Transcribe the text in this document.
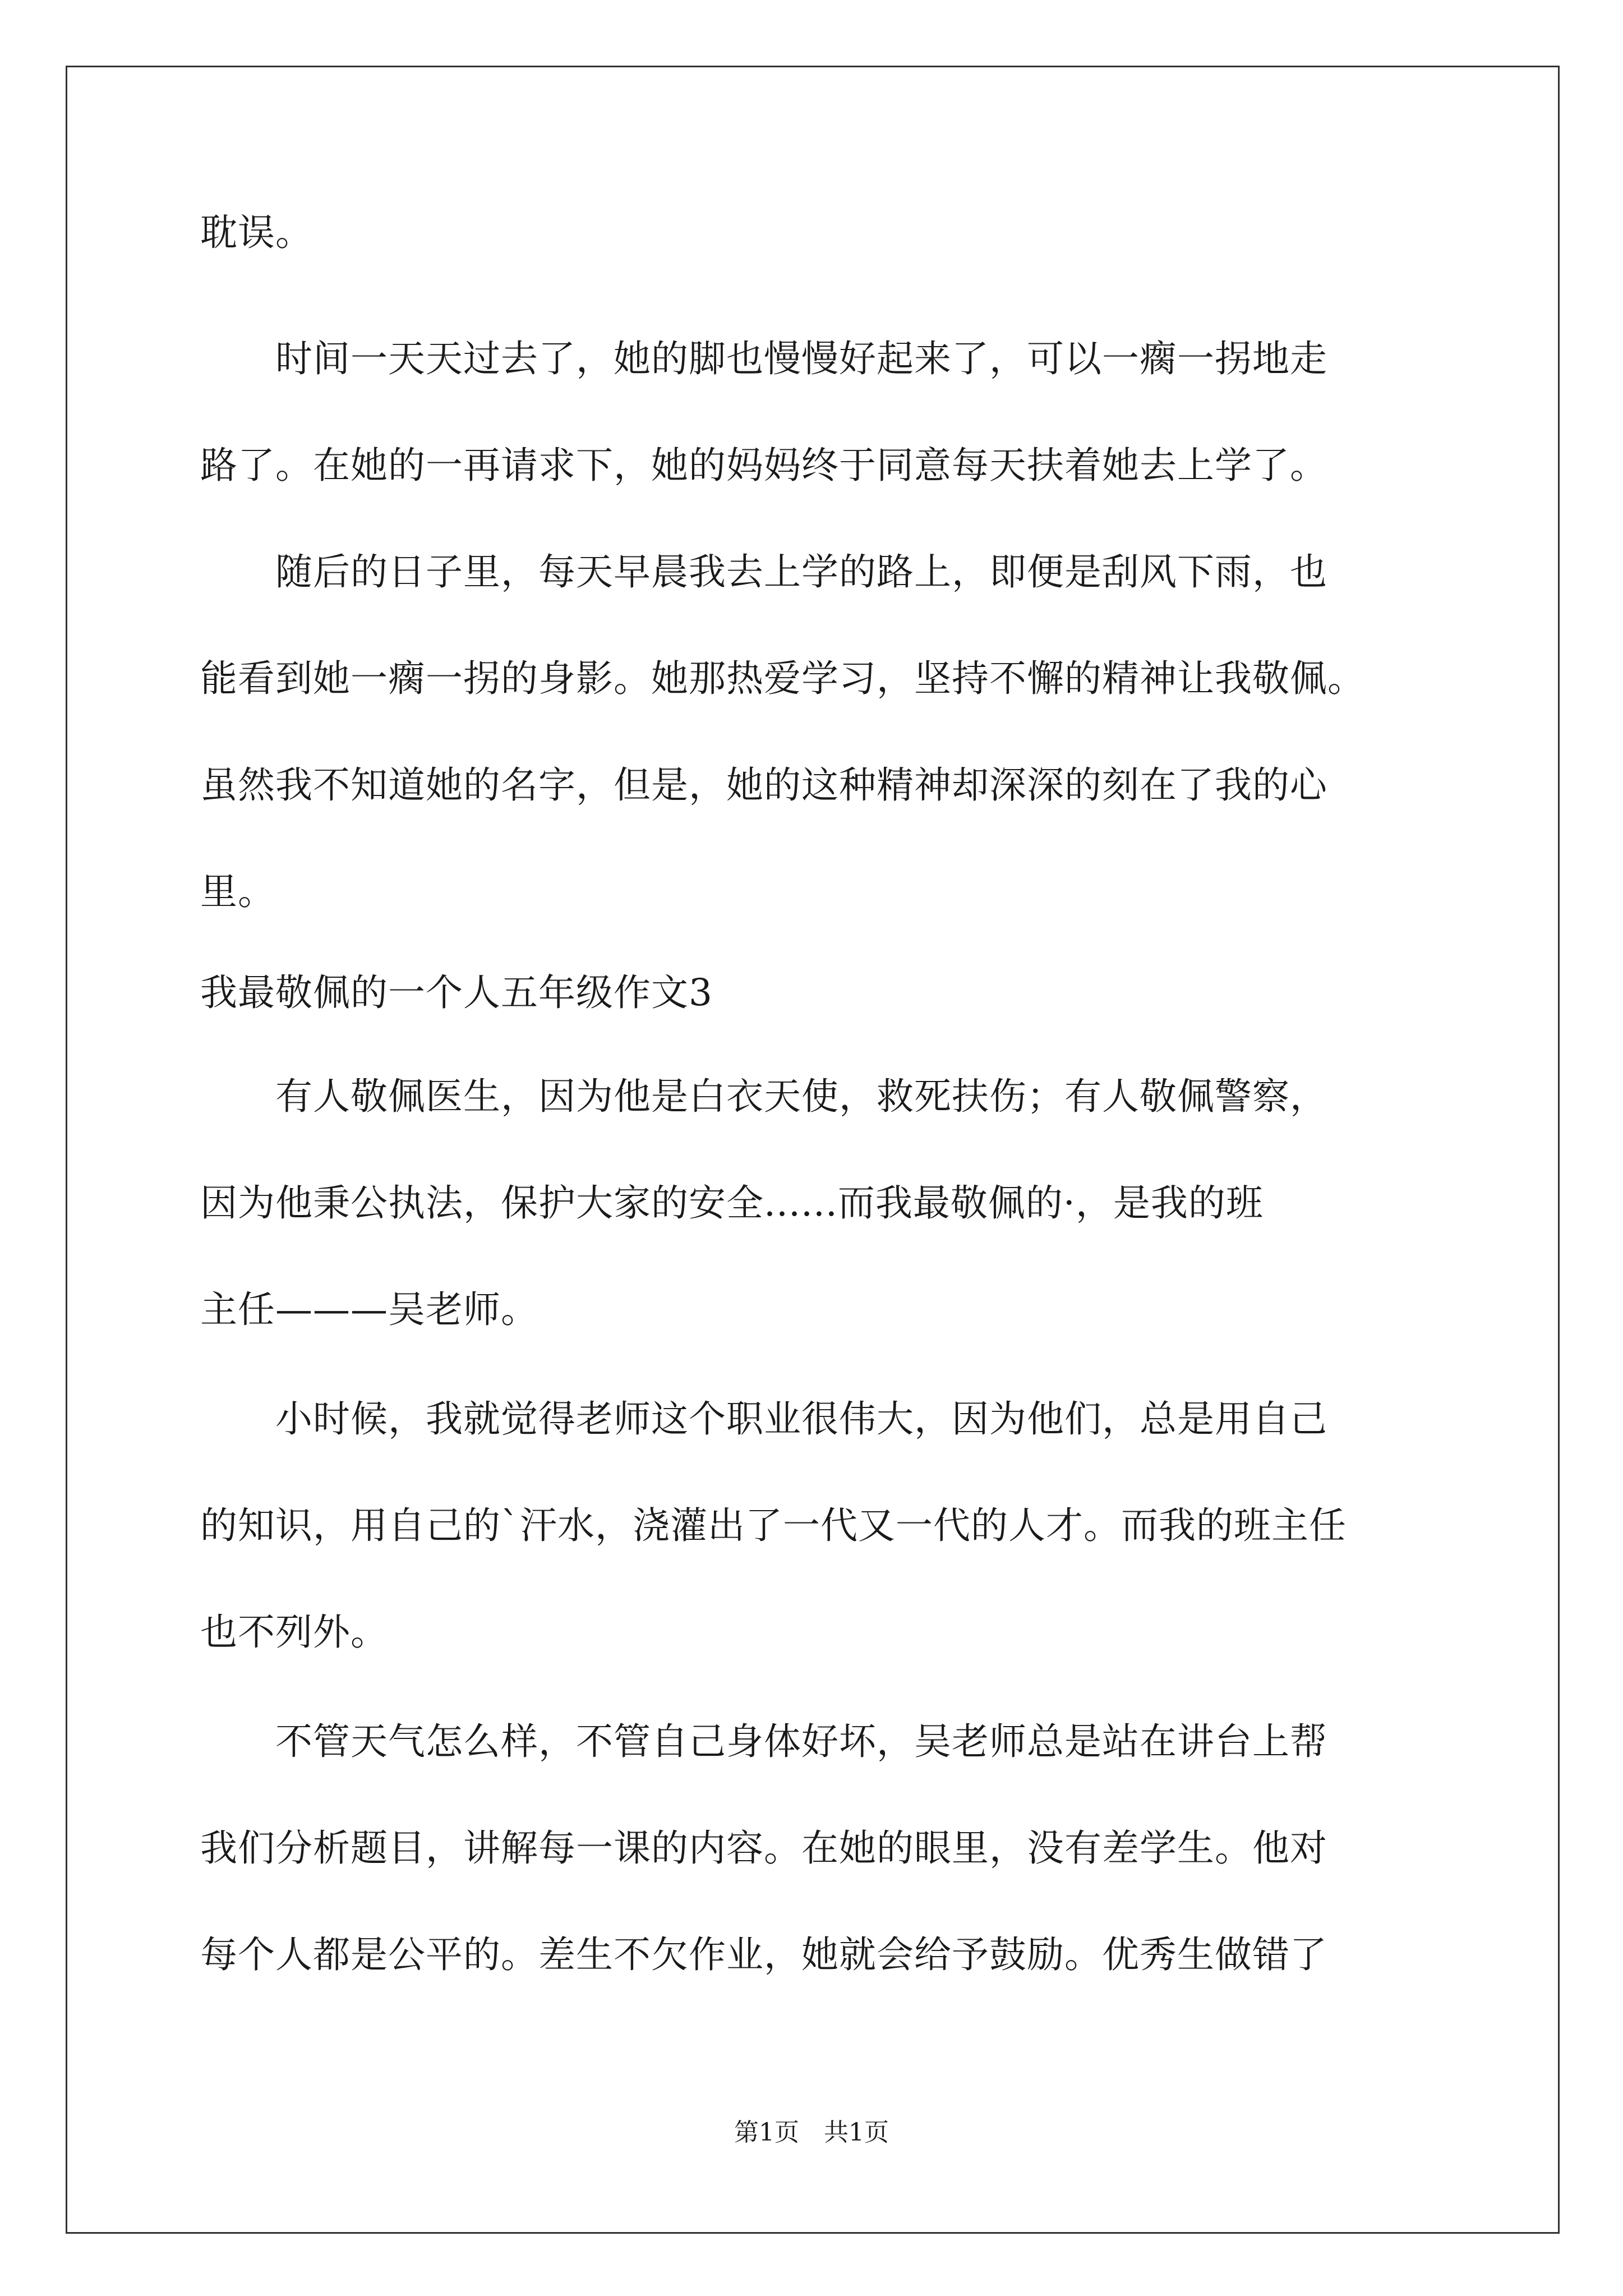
耽误。
　　时间一天天过去了，她的脚也慢慢好起来了，可以一瘸一拐地走
路了。在她的一再请求下，她的妈妈终于同意每天扶着她去上学了。
　　随后的日子里，每天早晨我去上学的路上，即便是刮风下雨，也
能看到她一瘸一拐的身影。她那热爱学习，坚持不懈的精神让我敬佩。
虽然我不知道她的名字，但是，她的这种精神却深深的刻在了我的心
里。
我最敬佩的一个人五年级作文3
　　有人敬佩医生，因为他是白衣天使，救死扶伤；有人敬佩警察，
因为他秉公执法，保护大家的安全......而我最敬佩的·，是我的班
主任———吴老师。
　　小时候，我就觉得老师这个职业很伟大，因为他们，总是用自己
的知识，用自己的`汗水，浇灌出了一代又一代的人才。而我的班主任
也不列外。
　　不管天气怎么样，不管自己身体好坏，吴老师总是站在讲台上帮
我们分析题目，讲解每一课的内容。在她的眼里，没有差学生。他对
每个人都是公平的。差生不欠作业，她就会给予鼓励。优秀生做错了
第1页　共1页
